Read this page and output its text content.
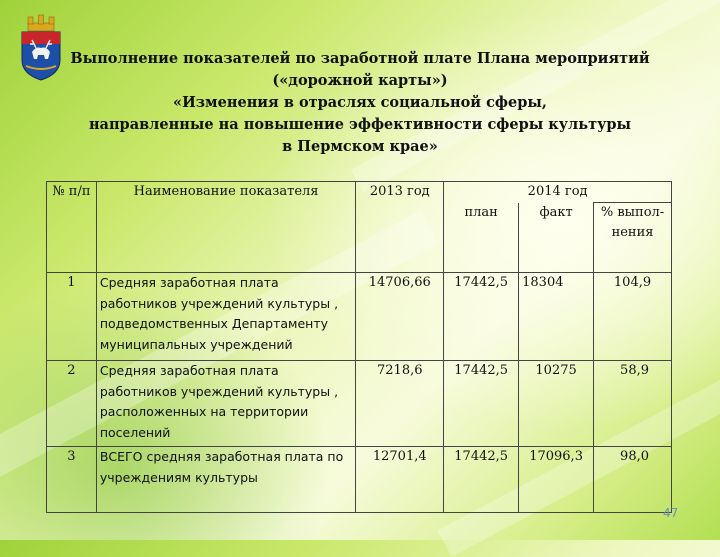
Выполнение показателей по заработной плате Плана мероприятий
(«дорожной карты»)
«Изменения в отраслях социальной сферы,
направленные на повышение эффективности сферы культуры
в Пермском крае»
№ п/п	Наименование показателя	2013 год	2014 год		
			план	факт	% выпол- нения
1	Средняя заработная плата работников учреждений культуры , подведомственных Департаменту муниципальных учреждений	14706,66	17442,5	18304	104,9
2	Средняя заработная плата работников учреждений культуры , расположенных на территории поселений	7218,6	17442,5	10275	58,9
3	ВСЕГО средняя заработная плата по учреждениям культуры	12701,4	17442,5	17096,3	98,0
47
